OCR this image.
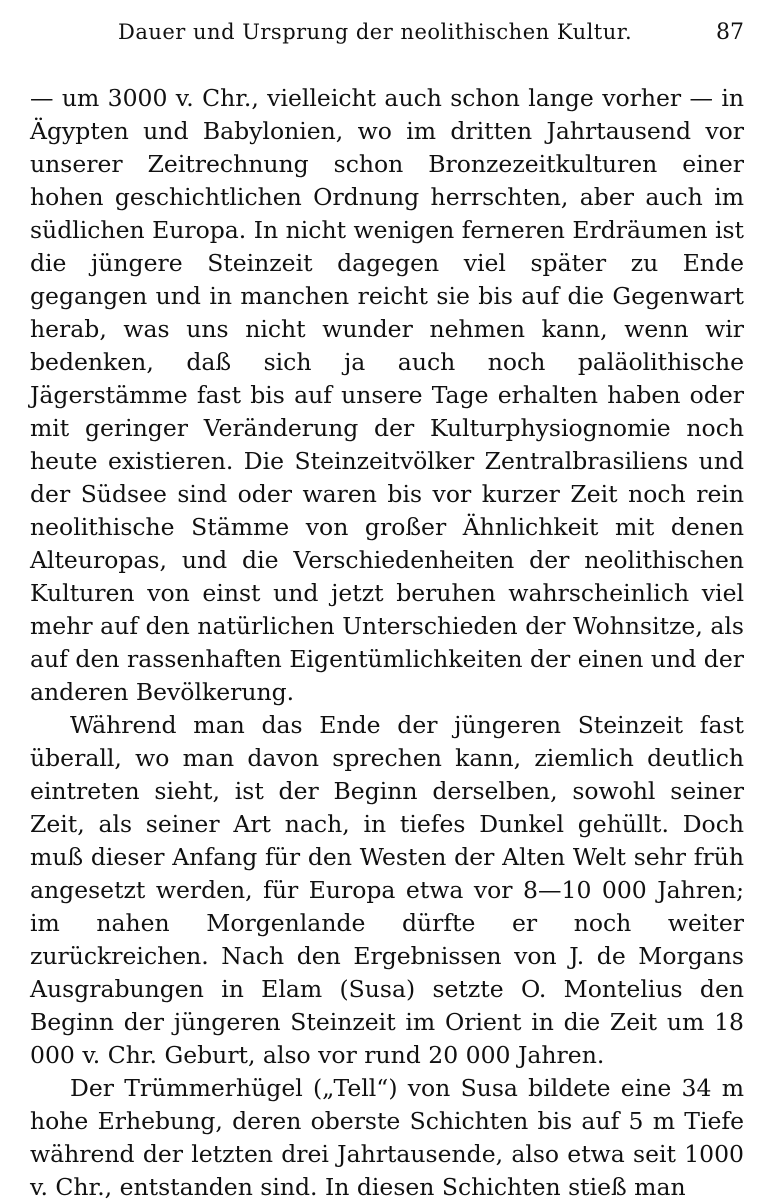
Dauer und Ursprung der neolithischen Kultur.	87

— um 3000 v. Chr., vielleicht auch schon lange vorher — in Ägypten und Babylonien, wo im dritten Jahrtausend vor unserer Zeitrechnung schon Bronzezeitkulturen einer hohen geschichtlichen Ordnung herrschten, aber auch im südlichen Europa. In nicht wenigen ferneren Erdräumen ist die jüngere Steinzeit dagegen viel später zu Ende gegangen und in manchen reicht sie bis auf die Gegenwart herab, was uns nicht wunder nehmen kann, wenn wir bedenken, daß sich ja auch noch paläolithische Jägerstämme fast bis auf unsere Tage erhalten haben oder mit geringer Veränderung der Kulturphysiognomie noch heute existieren. Die Steinzeitvölker Zentralbrasiliens und der Südsee sind oder waren bis vor kurzer Zeit noch rein neolithische Stämme von großer Ähnlichkeit mit denen Alteuropas, und die Verschiedenheiten der neolithischen Kulturen von einst und jetzt beruhen wahrscheinlich viel mehr auf den natürlichen Unterschieden der Wohnsitze, als auf den rassenhaften Eigentümlichkeiten der einen und der anderen Bevölkerung.

Während man das Ende der jüngeren Steinzeit fast überall, wo man davon sprechen kann, ziemlich deutlich eintreten sieht, ist der Beginn derselben, sowohl seiner Zeit, als seiner Art nach, in tiefes Dunkel gehüllt. Doch muß dieser Anfang für den Westen der Alten Welt sehr früh angesetzt werden, für Europa etwa vor 8—10 000 Jahren; im nahen Morgenlande dürfte er noch weiter zurückreichen. Nach den Ergebnissen von J. de Morgans Ausgrabungen in Elam (Susa) setzte O. Montelius den Beginn der jüngeren Steinzeit im Orient in die Zeit um 18 000 v. Chr. Geburt, also vor rund 20 000 Jahren.

Der Trümmerhügel („Tell“) von Susa bildete eine 34 m hohe Erhebung, deren oberste Schichten bis auf 5 m Tiefe während der letzten drei Jahrtausende, also etwa seit 1000 v. Chr., entstanden sind. In diesen Schichten stieß man
